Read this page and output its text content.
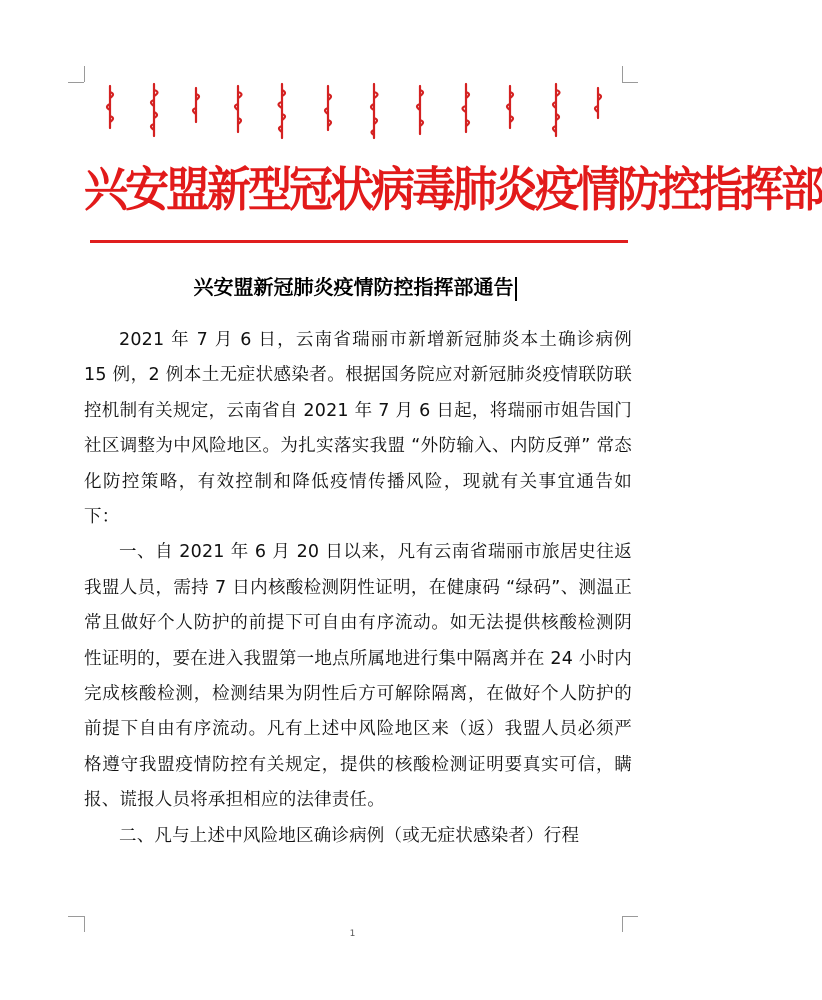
兴安盟新型冠状病毒肺炎疫情防控指挥部
兴安盟新冠肺炎疫情防控指挥部通告

2021 年 7 月 6 日，云南省瑞丽市新增新冠肺炎本土确诊病例 15 例，2 例本土无症状感染者。根据国务院应对新冠肺炎疫情联防联控机制有关规定，云南省自 2021 年 7 月 6 日起，将瑞丽市姐告国门社区调整为中风险地区。为扎实落实我盟 “外防输入、内防反弹” 常态化防控策略，有效控制和降低疫情传播风险，现就有关事宜通告如下：

一、自 2021 年 6 月 20 日以来，凡有云南省瑞丽市旅居史往返我盟人员，需持 7 日内核酸检测阴性证明，在健康码 “绿码”、测温正常且做好个人防护的前提下可自由有序流动。如无法提供核酸检测阴性证明的，要在进入我盟第一地点所属地进行集中隔离并在 24 小时内完成核酸检测，检测结果为阴性后方可解除隔离，在做好个人防护的前提下自由有序流动。凡有上述中风险地区来（返）我盟人员必须严格遵守我盟疫情防控有关规定，提供的核酸检测证明要真实可信，瞒报、谎报人员将承担相应的法律责任。

二、凡与上述中风险地区确诊病例（或无症状感染者）行程

1
